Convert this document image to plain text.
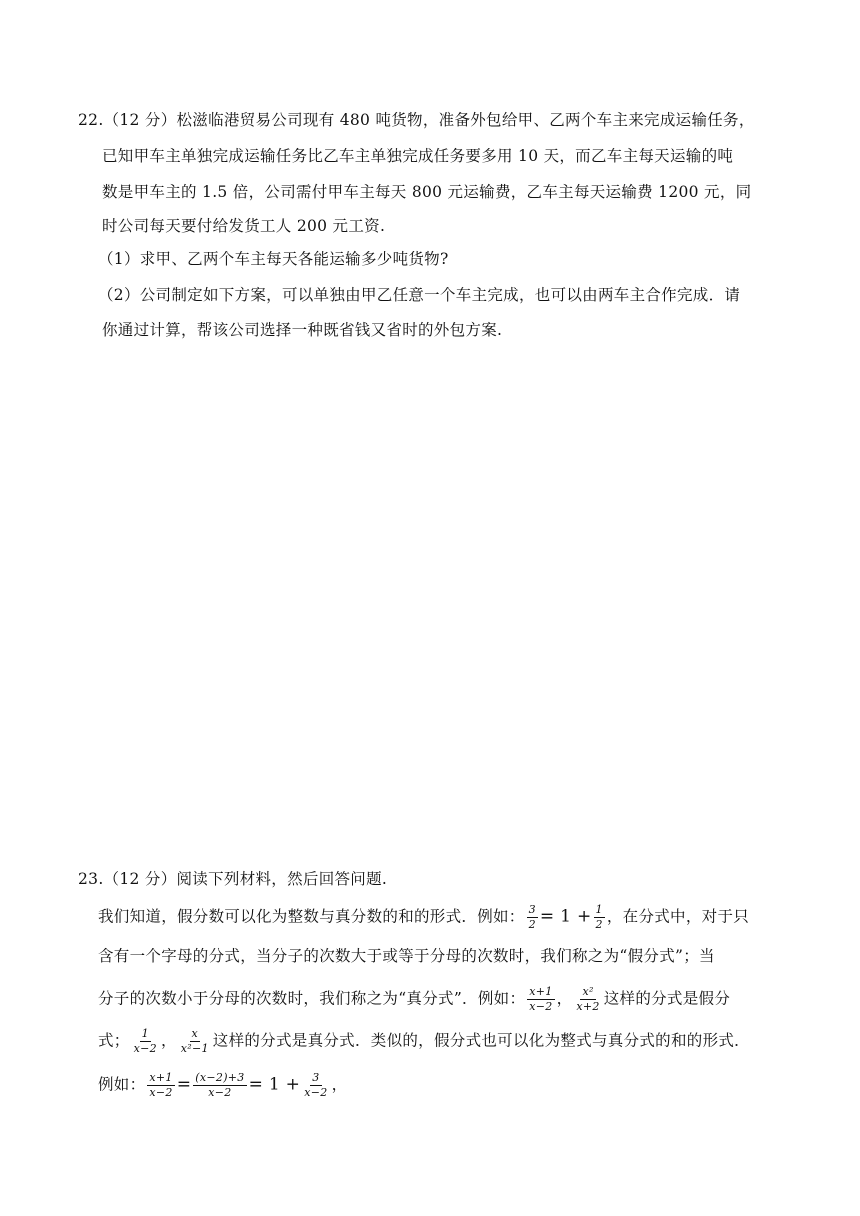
22.（12 分）松滋临港贸易公司现有 480 吨货物，准备外包给甲、乙两个车主来完成运输任务，
已知甲车主单独完成运输任务比乙车主单独完成任务要多用 10 天，而乙车主每天运输的吨
数是甲车主的 1.5 倍，公司需付甲车主每天 800 元运输费，乙车主每天运输费 1200 元，同
时公司每天要付给发货工人 200 元工资.
（1）求甲、乙两个车主每天各能运输多少吨货物?
（2）公司制定如下方案，可以单独由甲乙任意一个车主完成，也可以由两车主合作完成．请
你通过计算，帮该公司选择一种既省钱又省时的外包方案.
23.（12 分）阅读下列材料，然后回答问题.
我们知道，假分数可以化为整数与真分数的和的形式．例如： $\frac{3}{2} = 1 + \frac{1}{2}$ ，在分式中，对于只
含有一个字母的分式，当分子的次数大于或等于分母的次数时，我们称之为“假分式”；当
分子的次数小于分母的次数时，我们称之为“真分式”．例如： $\frac{x+1}{x-2}$ ， $\frac{\text{x²}}{x+2}$ 这样的分式是假分
式； $\frac{1}{x-2}$ ， $\frac{x}{\text{x²−1}}$ 这样的分式是真分式．类似的，假分式也可以化为整式与真分式的和的形式．
例如： $\frac{x+1}{x-2} = \frac{(x-2)+3}{x-2} = 1 + \frac{3}{x-2}$ ，
